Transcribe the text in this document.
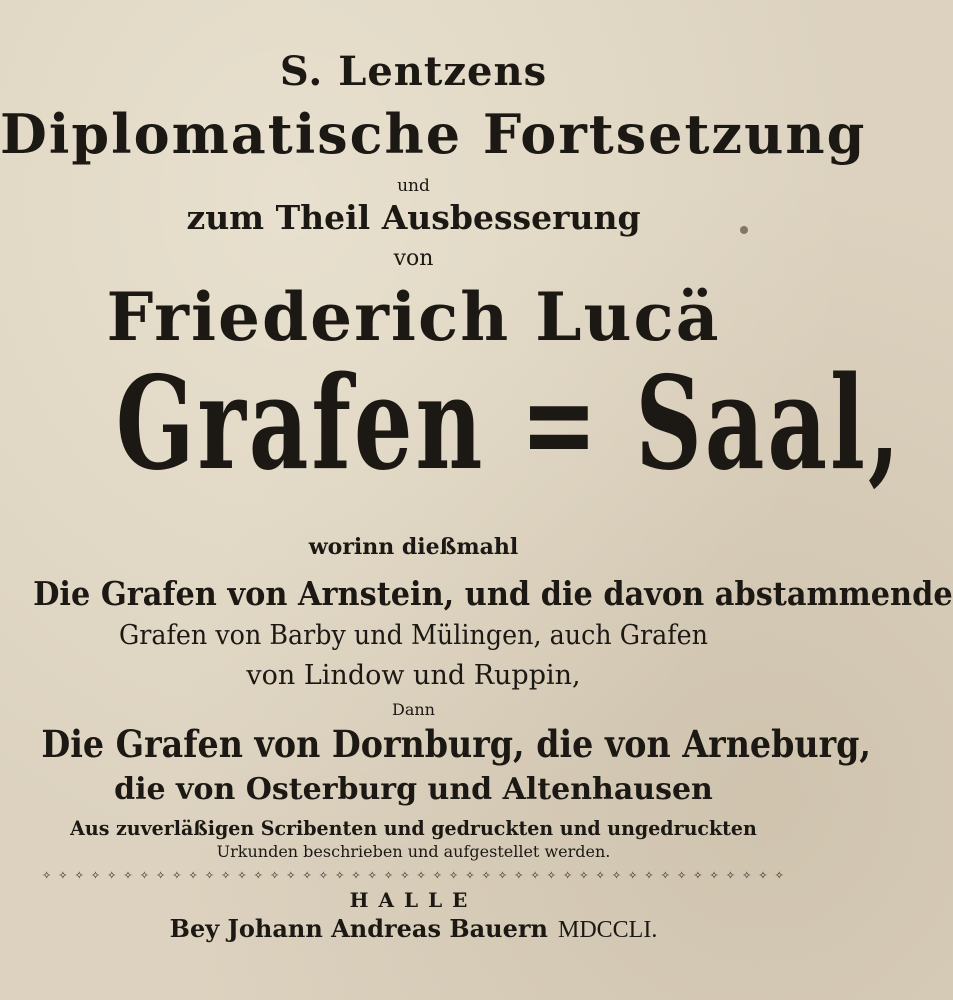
S. Lentzens
Diplomatische Fortsetzung
und
zum Theil Ausbesserung
von
Friederich Lucä
Grafen = Saal,
worinn dießmahl
Die Grafen von Arnstein, und die davon abstammende
Grafen von Barby und Mülingen, auch Grafen
von Lindow und Ruppin,
Dann
Die Grafen von Dornburg, die von Arneburg,
die von Osterburg und Altenhausen
Aus zuverläßigen Scribenten und gedruckten und ungedruckten
Urkunden beschrieben und aufgestellet werden.
✧ ✧ ✧ ✧ ✧ ✧ ✧ ✧ ✧ ✧ ✧ ✧ ✧ ✧ ✧ ✧ ✧ ✧ ✧ ✧ ✧ ✧ ✧ ✧ ✧ ✧ ✧ ✧ ✧ ✧ ✧ ✧ ✧ ✧ ✧ ✧ ✧ ✧ ✧ ✧ ✧ ✧ ✧ ✧ ✧ ✧
HALLE
Bey Johann Andreas Bauern MDCCLI.
